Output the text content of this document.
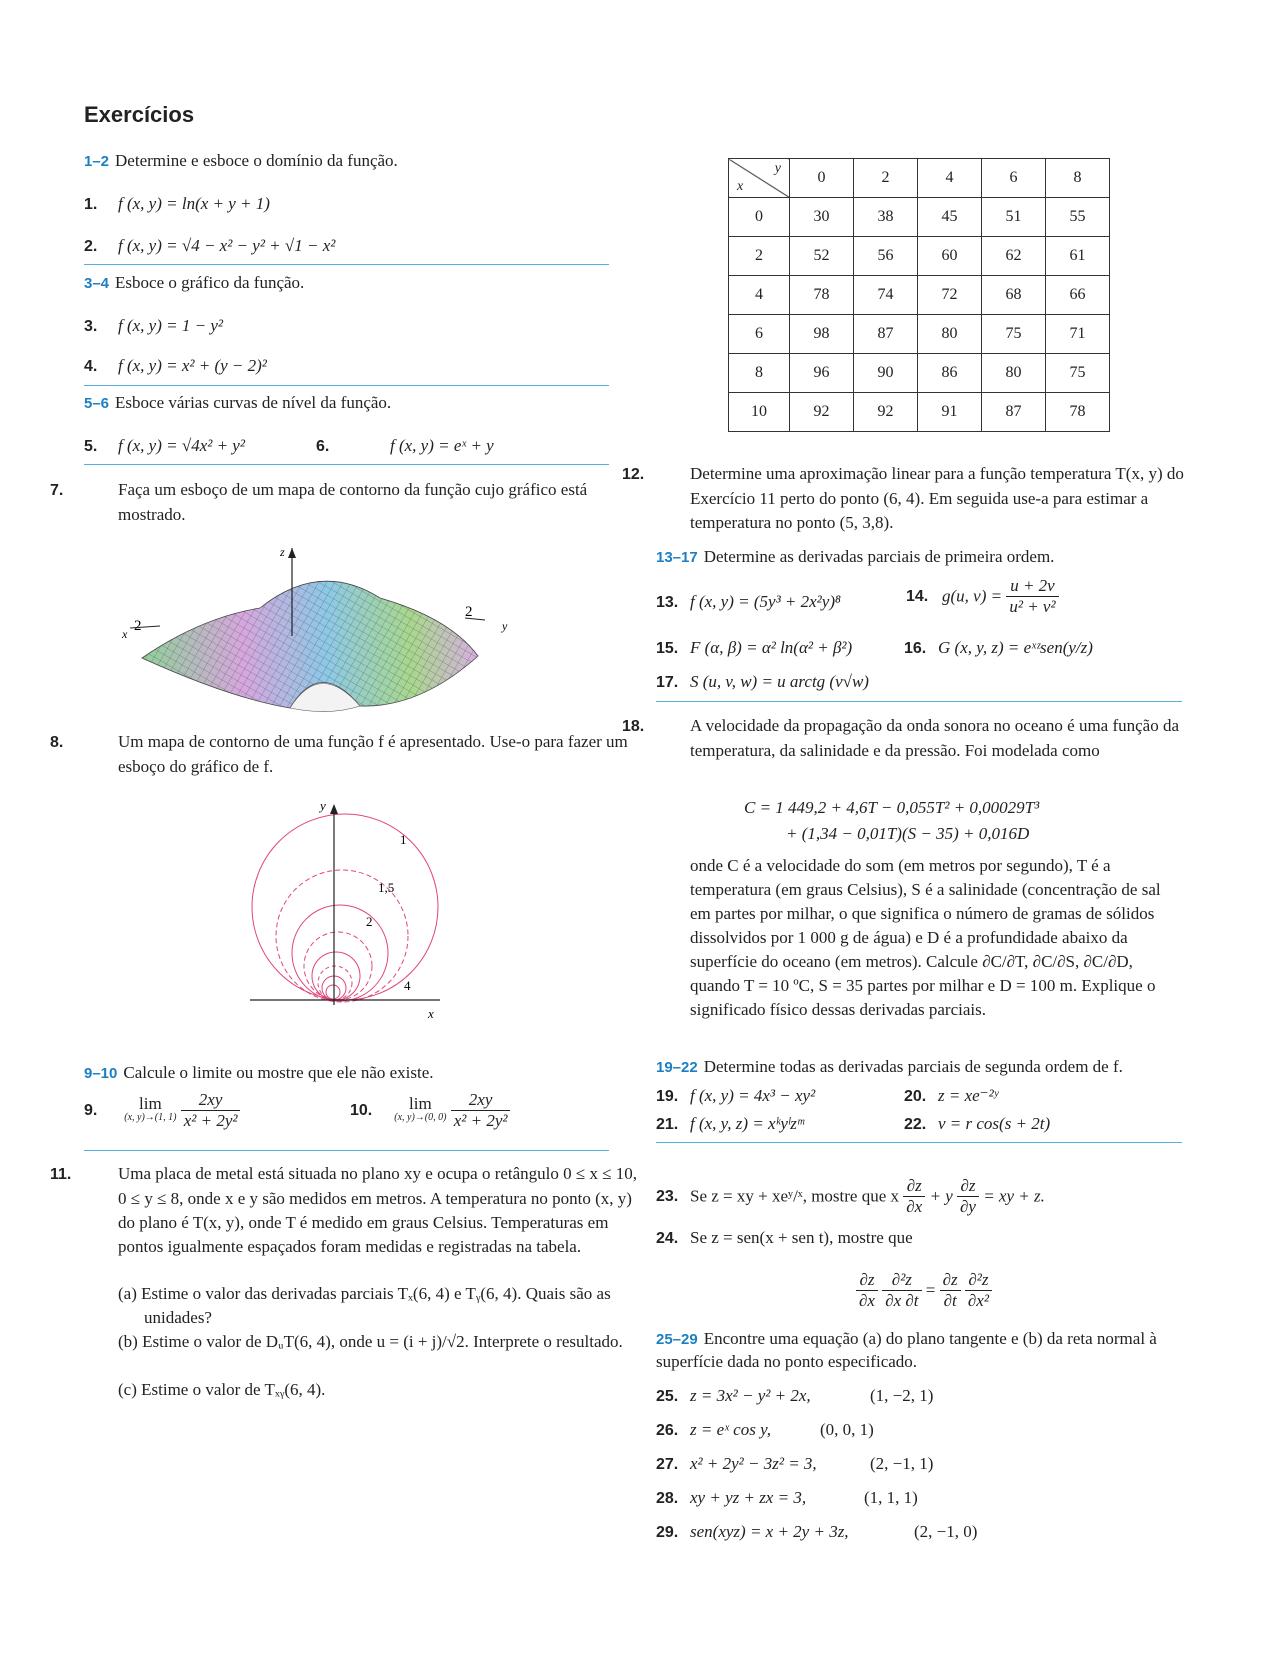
Exercícios
1–2 Determine e esboce o domínio da função.
1. f (x, y) = ln(x + y + 1)
2. f (x, y) = √4 − x² − y² + √1 − x²
3–4 Esboce o gráfico da função.
3. f (x, y) = 1 − y²
4. f (x, y) = x² + (y − 2)²
5–6 Esboce várias curvas de nível da função.
5. f (x, y) = √4x² + y²	6.	f (x, y) = eˣ + y
7.	Faça um esboço de um mapa de contorno da função cujo gráfico está mostrado.
z
x 2
2
y
8.	Um mapa de contorno de uma função f é apresentado. Use-o para fazer um esboço do gráfico de f.
y
x
1
1,5
2
4
9–10 Calcule o limite ou mostre que ele não existe.
9.	lim
(x, y)→(1, 1)
$\frac{2xy}{\text{x² + 2y²}}$	10.	lim
(x, y)→(0, 0)
$\frac{2xy}{\text{x² + 2y²}}$
11.	Uma placa de metal está situada no plano xy e ocupa o retângulo 0 ≤ x ≤ 10, 0 ≤ y ≤ 8, onde x e y são medidos em metros. A temperatura no ponto (x, y) do plano é T(x, y), onde T é medido em graus Celsius. Temperaturas em pontos igualmente espaçados foram medidas e registradas na tabela.
(a) Estime o valor das derivadas parciais Tₓ(6, 4) e Tᵧ(6, 4). Quais são as unidades?
(b) Estime o valor de DᵤT(6, 4), onde u = (i + j)/√2. Interprete o resultado.
(c) Estime o valor de Tₓᵧ(6, 4).
y
x	0	2	4	6	8
0	30	38	45	51	55
2	52	56	60	62	61
4	78	74	72	68	66
6	98	87	80	75	71
8	96	90	86	80	75
10	92	92	91	87	78
12.	Determine uma aproximação linear para a função temperatura T(x, y) do Exercício 11 perto do ponto (6, 4). Em seguida use-a para estimar a temperatura no ponto (5, 3,8).
13–17 Determine as derivadas parciais de primeira ordem.
13. f (x, y) = (5y³ + 2x²y)⁸	14. g(u, $v) = \frac{u + 2v}{\text{u² + v²}}$
15. F (α, β) = α² ln(α² + β²)	16. G (x, y, z) = eˣᶻsen(y/z)
17. S (u, v, w) = u arctg (v√w)
18.	A velocidade da propagação da onda sonora no oceano é uma função da temperatura, da salinidade e da pressão. Foi modelada como
C = 1 449,2 + 4,6T − 0,055T² + 0,00029T³
+ (1,34 − 0,01T)(S − 35) + 0,016D
onde C é a velocidade do som (em metros por segundo), T é a temperatura (em graus Celsius), S é a salinidade (concentração de sal em partes por milhar, o que significa o número de gramas de sólidos dissolvidos por 1 000 g de água) e D é a profundidade abaixo da superfície do oceano (em metros). Calcule ∂C/∂T, ∂C/∂S, ∂C/∂D, quando T = 10 ºC, S = 35 partes por milhar e D = 100 m. Explique o significado físico dessas derivadas parciais.
19–22 Determine todas as derivadas parciais de segunda ordem de f.
19. f (x, y) = 4x³ − xy²	20. z = xe⁻²ʸ
21. f (x, y, z) = xᵏyˡzᵐ	22. v = r cos(s + 2t)
23. Se z = xy + xeʸ/ˣ, mostre que x $\frac{\partial z}{\partial x} + y \frac{\partial z}{\partial y}$ = xy + z.
24. Se z = sen(x + sen t), mostre que
$\frac{\partial z}{\partial x}$
$\frac{\text{∂²z}}{\partial x \partial t} = \frac{\partial z}{\partial t}$
$\frac{\text{∂²z}}{\text{∂x²}}$
25–29 Encontre uma equação (a) do plano tangente e (b) da reta normal à superfície dada no ponto especificado.
25. z = 3x² − y² + 2x,	(1, −2, 1)
26. z = eˣ cos y,	(0, 0, 1)
27. x² + 2y² − 3z² = 3,	(2, −1, 1)
28. xy + yz + zx = 3,	(1, 1, 1)
29. sen(xyz) = x + 2y + 3z,	(2, −1, 0)
